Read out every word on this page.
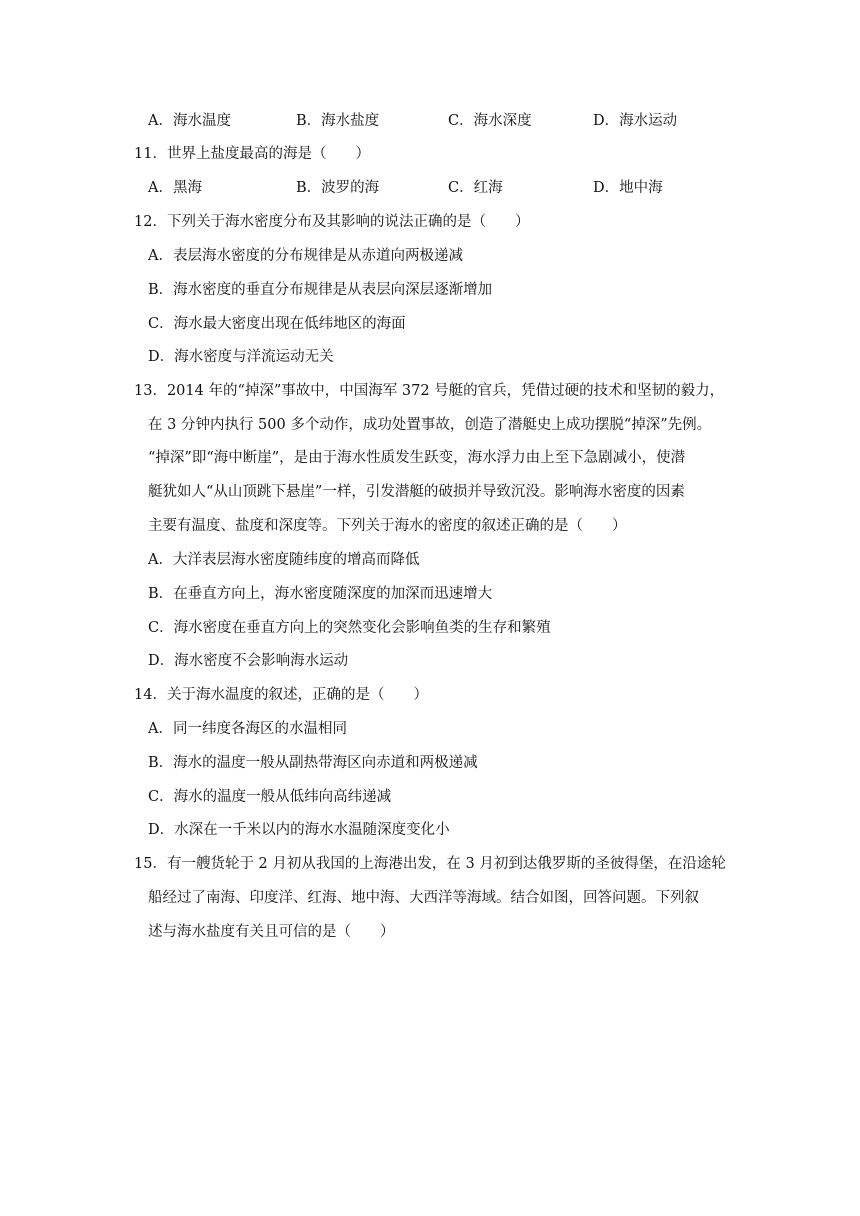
A．海水温度	B．海水盐度	C．海水深度	D．海水运动
11．世界上盐度最高的海是（　　）
A．黑海	B．波罗的海	C．红海	D．地中海
12．下列关于海水密度分布及其影响的说法正确的是（　　）
A．表层海水密度的分布规律是从赤道向两极递减
B．海水密度的垂直分布规律是从表层向深层逐渐增加
C．海水最大密度出现在低纬地区的海面
D．海水密度与洋流运动无关
13．2014 年的“掉深”事故中，中国海军 372 号艇的官兵，凭借过硬的技术和坚韧的毅力，
在 3 分钟内执行 500 多个动作，成功处置事故，创造了潜艇史上成功摆脱“掉深”先例。
“掉深”即“海中断崖”，是由于海水性质发生跃变，海水浮力由上至下急剧减小，使潜
艇犹如人“从山顶跳下悬崖”一样，引发潜艇的破损并导致沉没。影响海水密度的因素
主要有温度、盐度和深度等。下列关于海水的密度的叙述正确的是（　　）
A．大洋表层海水密度随纬度的增高而降低
B．在垂直方向上，海水密度随深度的加深而迅速增大
C．海水密度在垂直方向上的突然变化会影响鱼类的生存和繁殖
D．海水密度不会影响海水运动
14．关于海水温度的叙述，正确的是（　　）
A．同一纬度各海区的水温相同
B．海水的温度一般从副热带海区向赤道和两极递减
C．海水的温度一般从低纬向高纬递减
D．水深在一千米以内的海水水温随深度变化小
15．有一艘货轮于 2 月初从我国的上海港出发，在 3 月初到达俄罗斯的圣彼得堡，在沿途轮
船经过了南海、印度洋、红海、地中海、大西洋等海域。结合如图，回答问题。下列叙
述与海水盐度有关且可信的是（　　）
